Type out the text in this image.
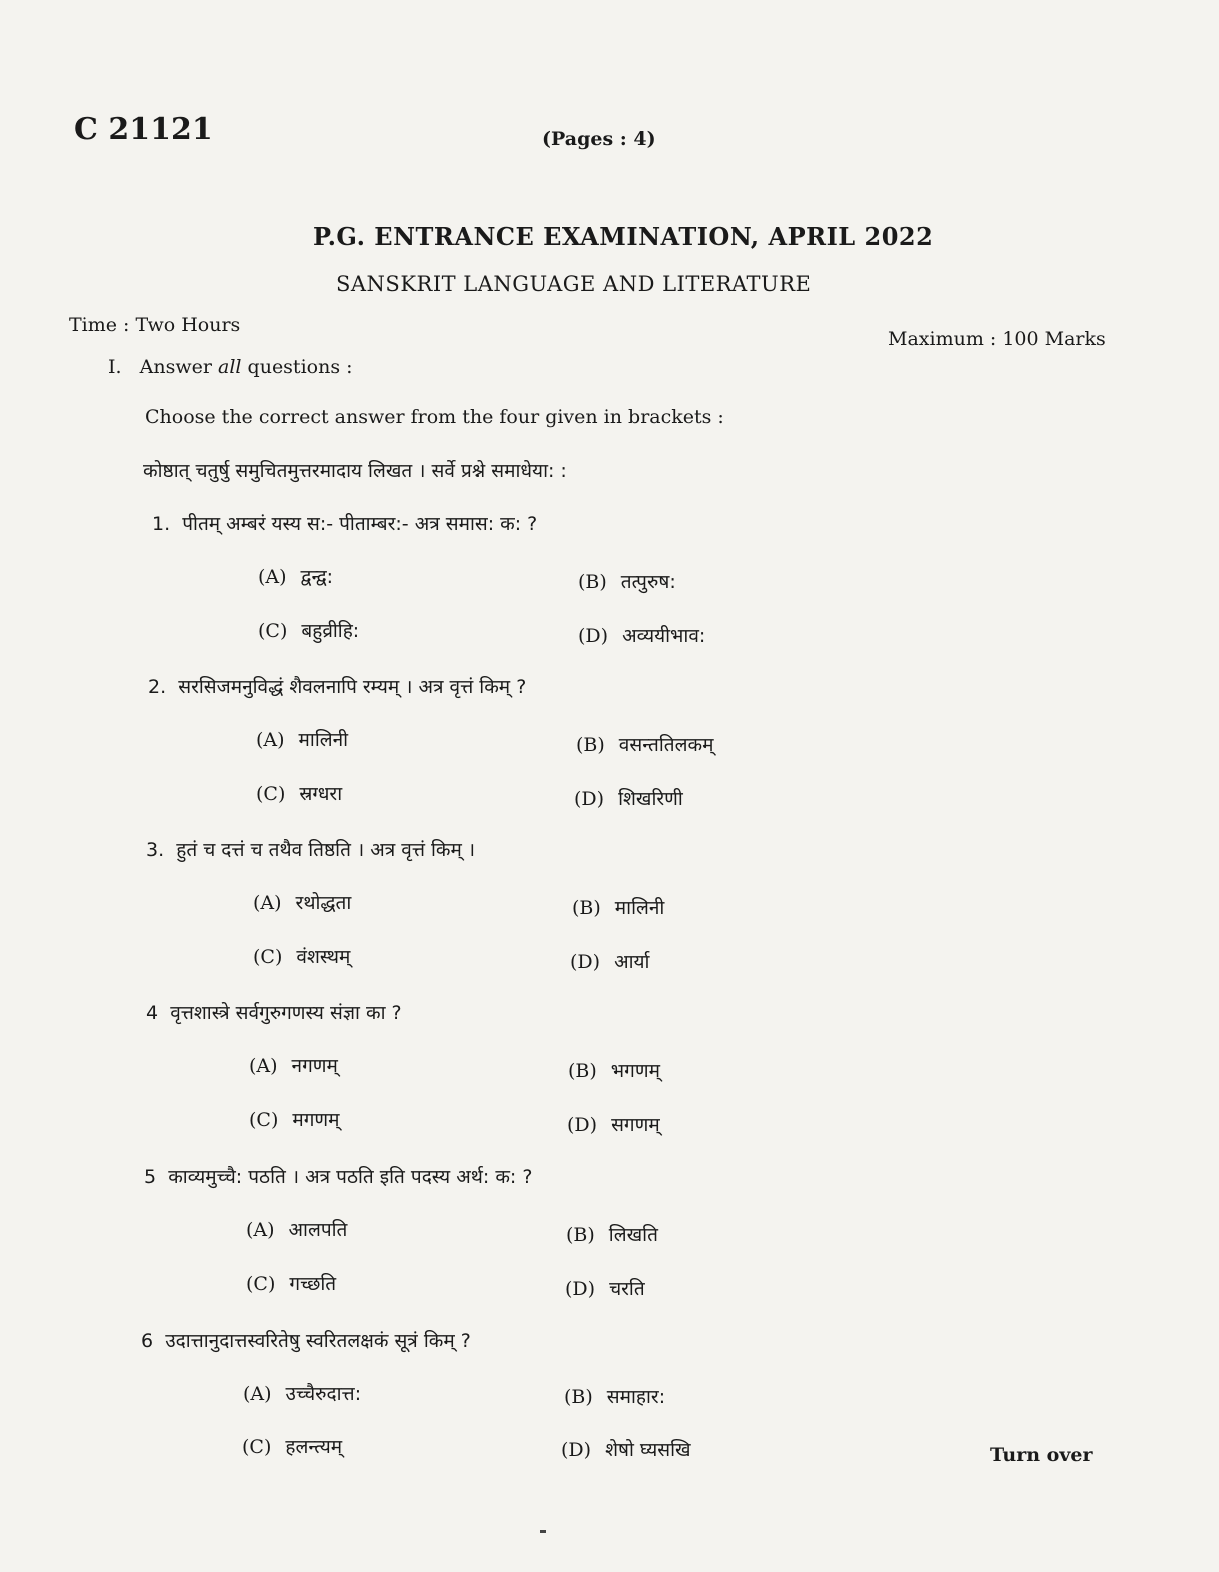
C 21121	(Pages : 4)
P.G. ENTRANCE EXAMINATION, APRIL 2022
SANSKRIT LANGUAGE AND LITERATURE
Time : Two Hours
Maximum : 100 Marks
I. Answer all questions :
Choose the correct answer from the four given in brackets :
कोष्ठात् चतुर्षु समुचितमुत्तरमादाय लिखत । सर्वे प्रश्ने समाधेया: :
1. पीतम् अम्बरं यस्य स:- पीताम्बर:- अत्र समास: क: ?
(A) द्वन्द्व:	(B) तत्पुरुष:
(C) बहुव्रीहि:	(D) अव्ययीभाव:
2. सरसिजमनुविद्धं शैवलनापि रम्यम् । अत्र वृत्तं किम् ?
(A) मालिनी	(B) वसन्ततिलकम्
(C) स्रग्धरा	(D) शिखरिणी
3. हुतं च दत्तं च तथैव तिष्ठति । अत्र वृत्तं किम् ।
(A) रथोद्धता	(B) मालिनी
(C) वंशस्थम्	(D) आर्या
4 वृत्तशास्त्रे सर्वगुरुगणस्य संज्ञा का ?
(A) नगणम्	(B) भगणम्
(C) मगणम्	(D) सगणम्
5 काव्यमुच्चै: पठति । अत्र पठति इति पदस्य अर्थ: क: ?
(A) आलपति	(B) लिखति
(C) गच्छति	(D) चरति
6 उदात्तानुदात्तस्वरितेषु स्वरितलक्षकं सूत्रं किम् ?
(A) उच्चैरुदात्त:	(B) समाहार:
(C) हलन्त्यम्	(D) शेषो घ्यसखि	Turn over
